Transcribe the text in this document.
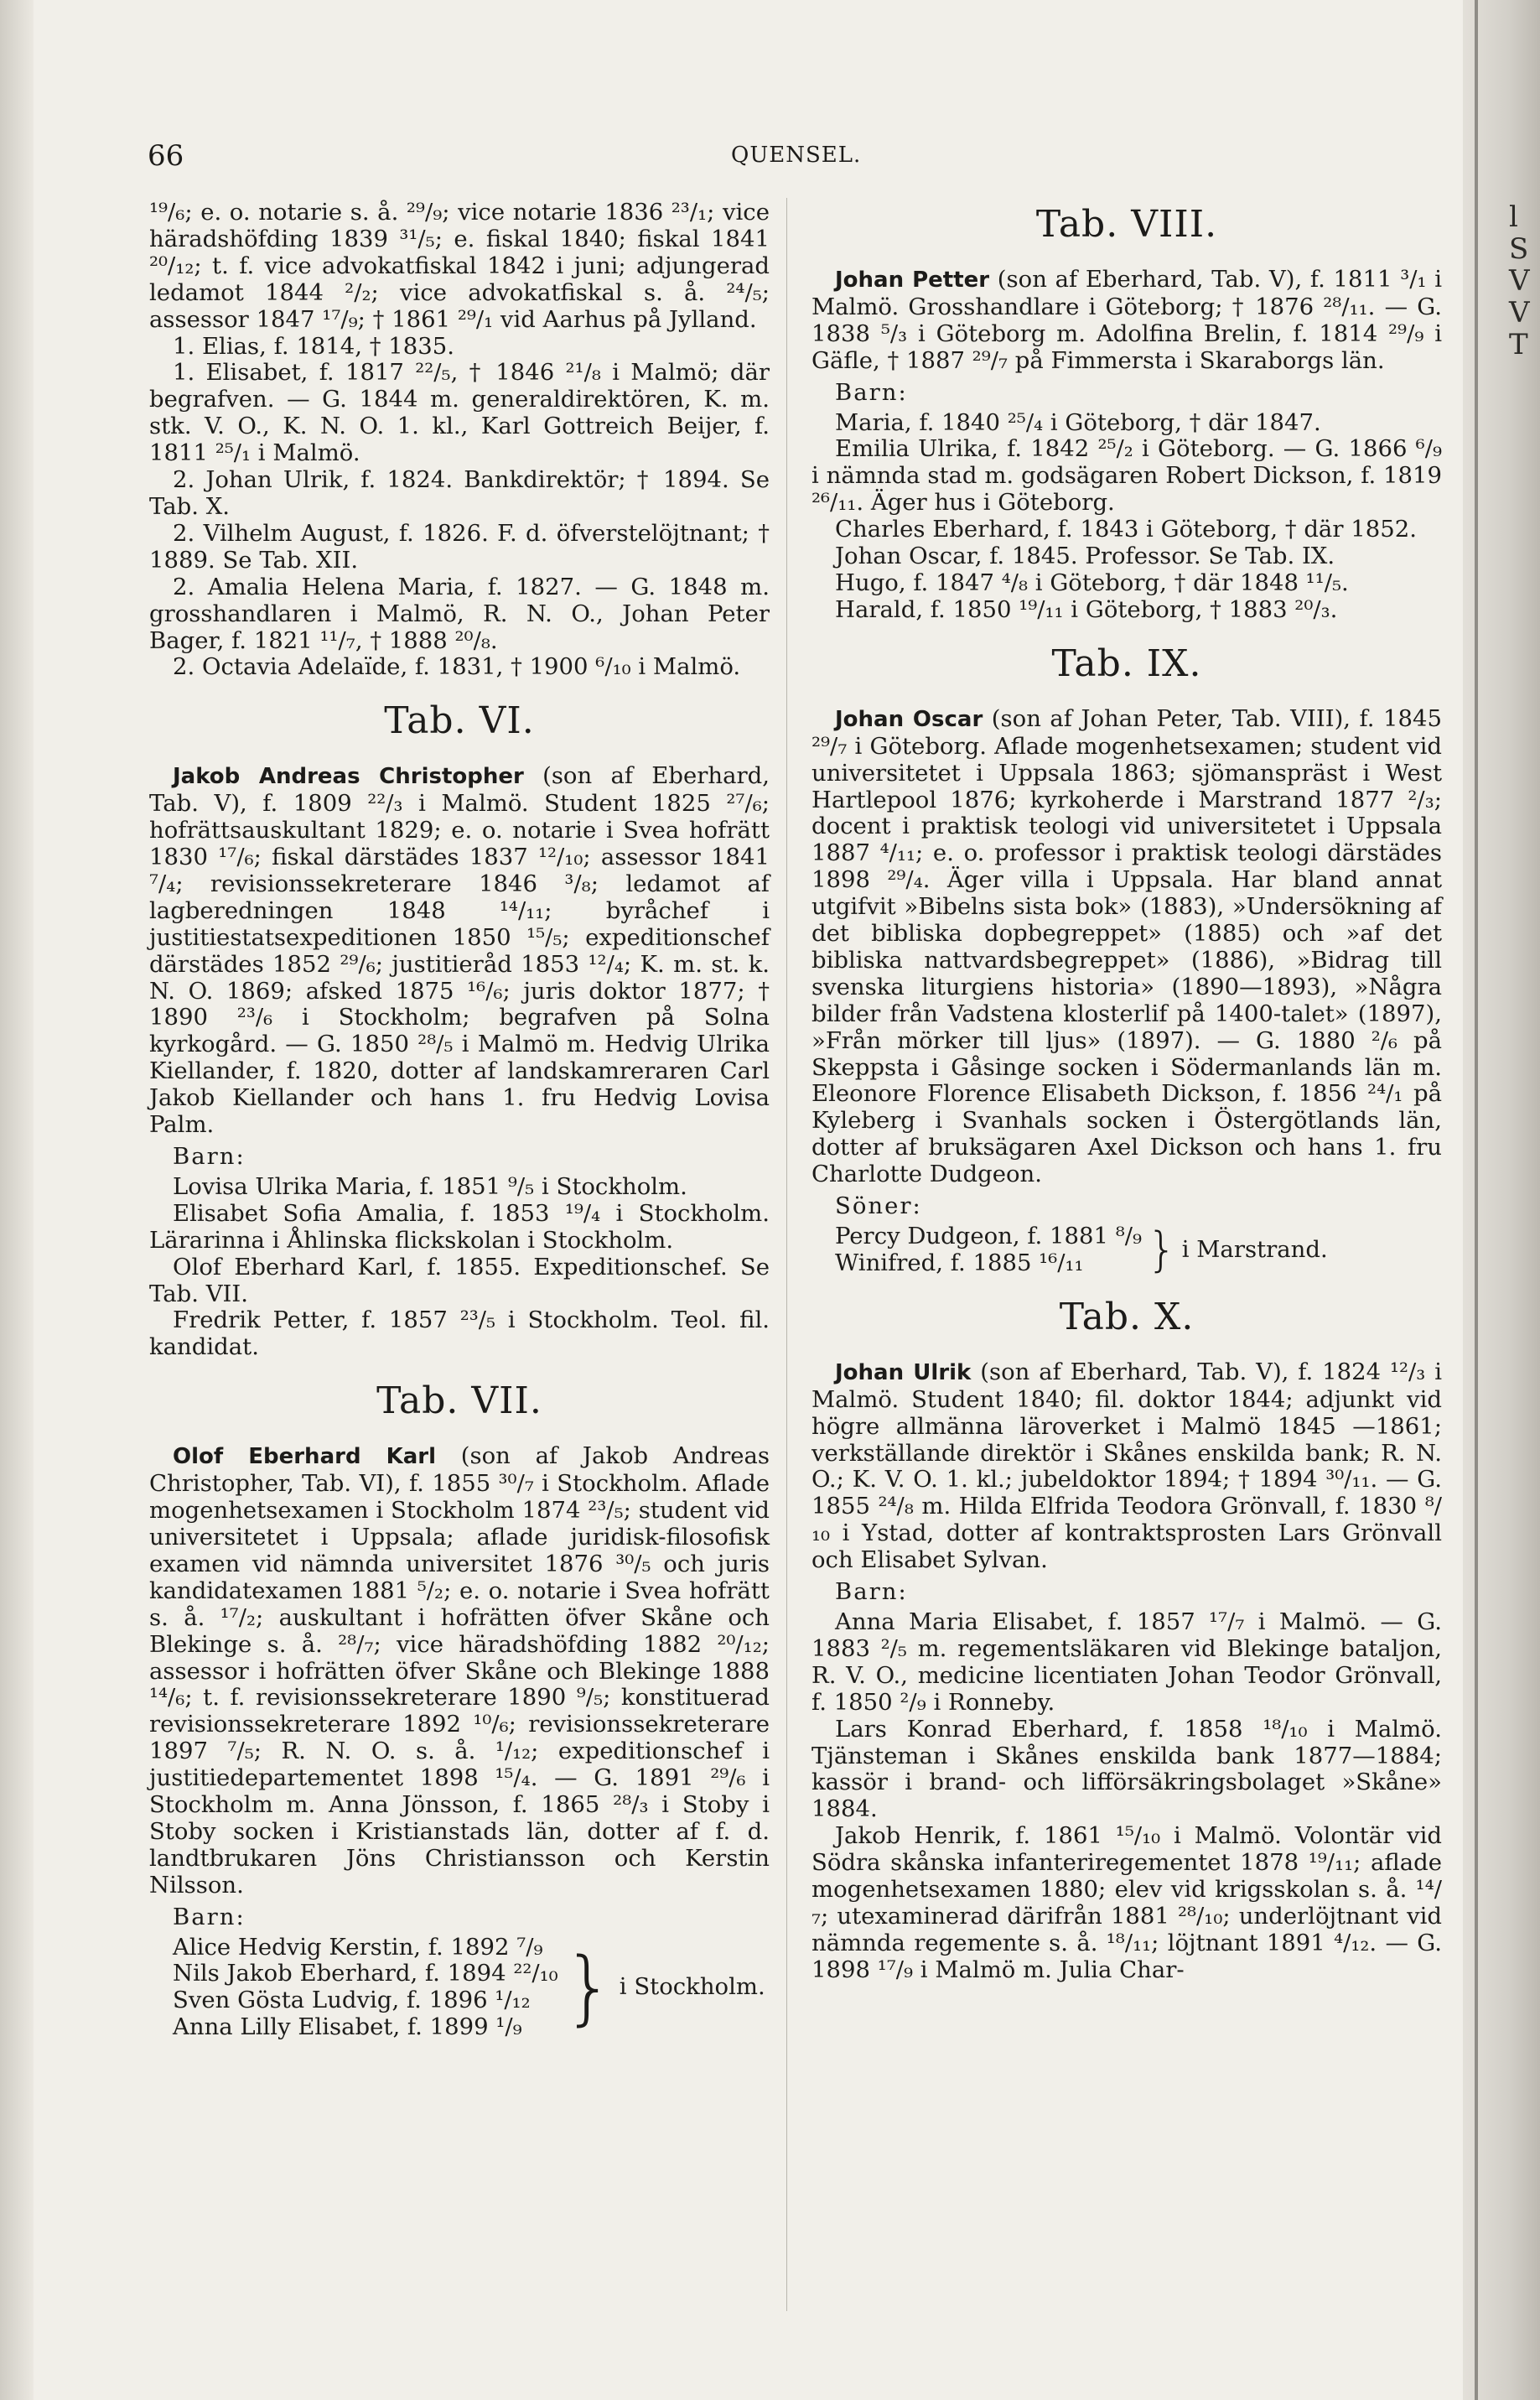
l
S
V
V
T
66	QUENSEL.

¹⁹/₆; e. o. notarie s. å. ²⁹/₉; vice notarie 1836 ²³/₁; vice häradshöfding 1839 ³¹/₅; e. fiskal 1840; fiskal 1841 ²⁰/₁₂; t. f. vice advokatfiskal 1842 i juni; adjungerad ledamot 1844 ²/₂; vice advokatfiskal s. å. ²⁴/₅; assessor 1847 ¹⁷/₉; † 1861 ²⁹/₁ vid Aarhus på Jylland.

1. Elias, f. 1814, † 1835.

1. Elisabet, f. 1817 ²²/₅, † 1846 ²¹/₈ i Malmö; där begrafven. — G. 1844 m. generaldirektören, K. m. stk. V. O., K. N. O. 1. kl., Karl Gottreich Beijer, f. 1811 ²⁵/₁ i Malmö.

2. Johan Ulrik, f. 1824. Bankdirektör; † 1894. Se Tab. X.

2. Vilhelm August, f. 1826. F. d. öfverstelöjtnant; † 1889. Se Tab. XII.

2. Amalia Helena Maria, f. 1827. — G. 1848 m. grosshandlaren i Malmö, R. N. O., Johan Peter Bager, f. 1821 ¹¹/₇, † 1888 ²⁰/₈.

2. Octavia Adelaïde, f. 1831, † 1900 ⁶/₁₀ i Malmö.

Tab. VI.

Jakob Andreas Christopher (son af Eberhard, Tab. V), f. 1809 ²²/₃ i Malmö. Student 1825 ²⁷/₆; hofrättsauskultant 1829; e. o. notarie i Svea hofrätt 1830 ¹⁷/₆; fiskal därstädes 1837 ¹²/₁₀; assessor 1841 ⁷/₄; revisionssekreterare 1846 ³/₈; ledamot af lagberedningen 1848 ¹⁴/₁₁; byråchef i justitiestatsexpeditionen 1850 ¹⁵/₅; expeditionschef därstädes 1852 ²⁹/₆; justitieråd 1853 ¹²/₄; K. m. st. k. N. O. 1869; afsked 1875 ¹⁶/₆; juris doktor 1877; † 1890 ²³/₆ i Stockholm; begrafven på Solna kyrkogård. — G. 1850 ²⁸/₅ i Malmö m. Hedvig Ulrika Kiellander, f. 1820, dotter af landskamreraren Carl Jakob Kiellander och hans 1. fru Hedvig Lovisa Palm.

Barn:

Lovisa Ulrika Maria, f. 1851 ⁹/₅ i Stockholm.

Elisabet Sofia Amalia, f. 1853 ¹⁹/₄ i Stockholm. Lärarinna i Åhlinska flickskolan i Stockholm.

Olof Eberhard Karl, f. 1855. Expeditionschef. Se Tab. VII.

Fredrik Petter, f. 1857 ²³/₅ i Stockholm. Teol. fil. kandidat.

Tab. VII.

Olof Eberhard Karl (son af Jakob Andreas Christopher, Tab. VI), f. 1855 ³⁰/₇ i Stockholm. Aflade mogenhetsexamen i Stockholm 1874 ²³/₅; student vid universitetet i Uppsala; aflade juridisk-filosofisk examen vid nämnda universitet 1876 ³⁰/₅ och juris kandidatexamen 1881 ⁵/₂; e. o. notarie i Svea hofrätt s. å. ¹⁷/₂; auskultant i hofrätten öfver Skåne och Blekinge s. å. ²⁸/₇; vice häradshöfding 1882 ²⁰/₁₂; assessor i hofrätten öfver Skåne och Blekinge 1888 ¹⁴/₆; t. f. revisionssekreterare 1890 ⁹/₅; konstituerad revisionssekreterare 1892 ¹⁰/₆; revisionssekreterare 1897 ⁷/₅; R. N. O. s. å. ¹/₁₂; expeditionschef i justitiedepartementet 1898 ¹⁵/₄. — G. 1891 ²⁹/₆ i Stockholm m. Anna Jönsson, f. 1865 ²⁸/₃ i Stoby i Stoby socken i Kristianstads län, dotter af f. d. landtbrukaren Jöns Christiansson och Kerstin Nilsson.

Barn:
Alice Hedvig Kerstin, f. 1892 ⁷/₉
Nils Jakob Eberhard, f. 1894 ²²/₁₀
Sven Gösta Ludvig, f. 1896 ¹/₁₂
Anna Lilly Elisabet, f. 1899 ¹/₉ } i Stockholm.
Tab. VIII.

Johan Petter (son af Eberhard, Tab. V), f. 1811 ³/₁ i Malmö. Grosshandlare i Göteborg; † 1876 ²⁸/₁₁. — G. 1838 ⁵/₃ i Göteborg m. Adolfina Brelin, f. 1814 ²⁹/₉ i Gäfle, † 1887 ²⁹/₇ på Fimmersta i Skaraborgs län.

Barn:

Maria, f. 1840 ²⁵/₄ i Göteborg, † där 1847.

Emilia Ulrika, f. 1842 ²⁵/₂ i Göteborg. — G. 1866 ⁶/₉ i nämnda stad m. godsägaren Robert Dickson, f. 1819 ²⁶/₁₁. Äger hus i Göteborg.

Charles Eberhard, f. 1843 i Göteborg, † där 1852.

Johan Oscar, f. 1845. Professor. Se Tab. IX.

Hugo, f. 1847 ⁴/₈ i Göteborg, † där 1848 ¹¹/₅.

Harald, f. 1850 ¹⁹/₁₁ i Göteborg, † 1883 ²⁰/₃.

Tab. IX.

Johan Oscar (son af Johan Peter, Tab. VIII), f. 1845 ²⁹/₇ i Göteborg. Aflade mogenhetsexamen; student vid universitetet i Uppsala 1863; sjömanspräst i West Hartlepool 1876; kyrkoherde i Marstrand 1877 ²/₃; docent i praktisk teologi vid universitetet i Uppsala 1887 ⁴/₁₁; e. o. professor i praktisk teologi därstädes 1898 ²⁹/₄. Äger villa i Uppsala. Har bland annat utgifvit »Bibelns sista bok» (1883), »Undersökning af det bibliska dopbegreppet» (1885) och »af det bibliska nattvardsbegreppet» (1886), »Bidrag till svenska liturgiens historia» (1890—1893), »Några bilder från Vadstena klosterlif på 1400-talet» (1897), »Från mörker till ljus» (1897). — G. 1880 ²/₆ på Skeppsta i Gåsinge socken i Södermanlands län m. Eleonore Florence Elisabeth Dickson, f. 1856 ²⁴/₁ på Kyleberg i Svanhals socken i Östergötlands län, dotter af bruksägaren Axel Dickson och hans 1. fru Charlotte Dudgeon.

Söner:
Percy Dudgeon, f. 1881 ⁸/₉
Winifred, f. 1885 ¹⁶/₁₁	} i Marstrand.
Tab. X.

Johan Ulrik (son af Eberhard, Tab. V), f. 1824 ¹²/₃ i Malmö. Student 1840; fil. doktor 1844; adjunkt vid högre allmänna läroverket i Malmö 1845 —1861; verkställande direktör i Skånes enskilda bank; R. N. O.; K. V. O. 1. kl.; jubeldoktor 1894; † 1894 ³⁰/₁₁. — G. 1855 ²⁴/₈ m. Hilda Elfrida Teodora Grönvall, f. 1830 ⁸/₁₀ i Ystad, dotter af kontraktsprosten Lars Grönvall och Elisabet Sylvan.

Barn:

Anna Maria Elisabet, f. 1857 ¹⁷/₇ i Malmö. — G. 1883 ²/₅ m. regementsläkaren vid Blekinge bataljon, R. V. O., medicine licentiaten Johan Teodor Grönvall, f. 1850 ²/₉ i Ronneby.

Lars Konrad Eberhard, f. 1858 ¹⁸/₁₀ i Malmö. Tjänsteman i Skånes enskilda bank 1877—1884; kassör i brand- och lifförsäkringsbolaget »Skåne» 1884.

Jakob Henrik, f. 1861 ¹⁵/₁₀ i Malmö. Volontär vid Södra skånska infanteriregementet 1878 ¹⁹/₁₁; aflade mogenhetsexamen 1880; elev vid krigsskolan s. å. ¹⁴/₇; utexaminerad därifrån 1881 ²⁸/₁₀; underlöjtnant vid nämnda regemente s. å. ¹⁸/₁₁; löjtnant 1891 ⁴/₁₂. — G. 1898 ¹⁷/₉ i Malmö m. Julia Char-
